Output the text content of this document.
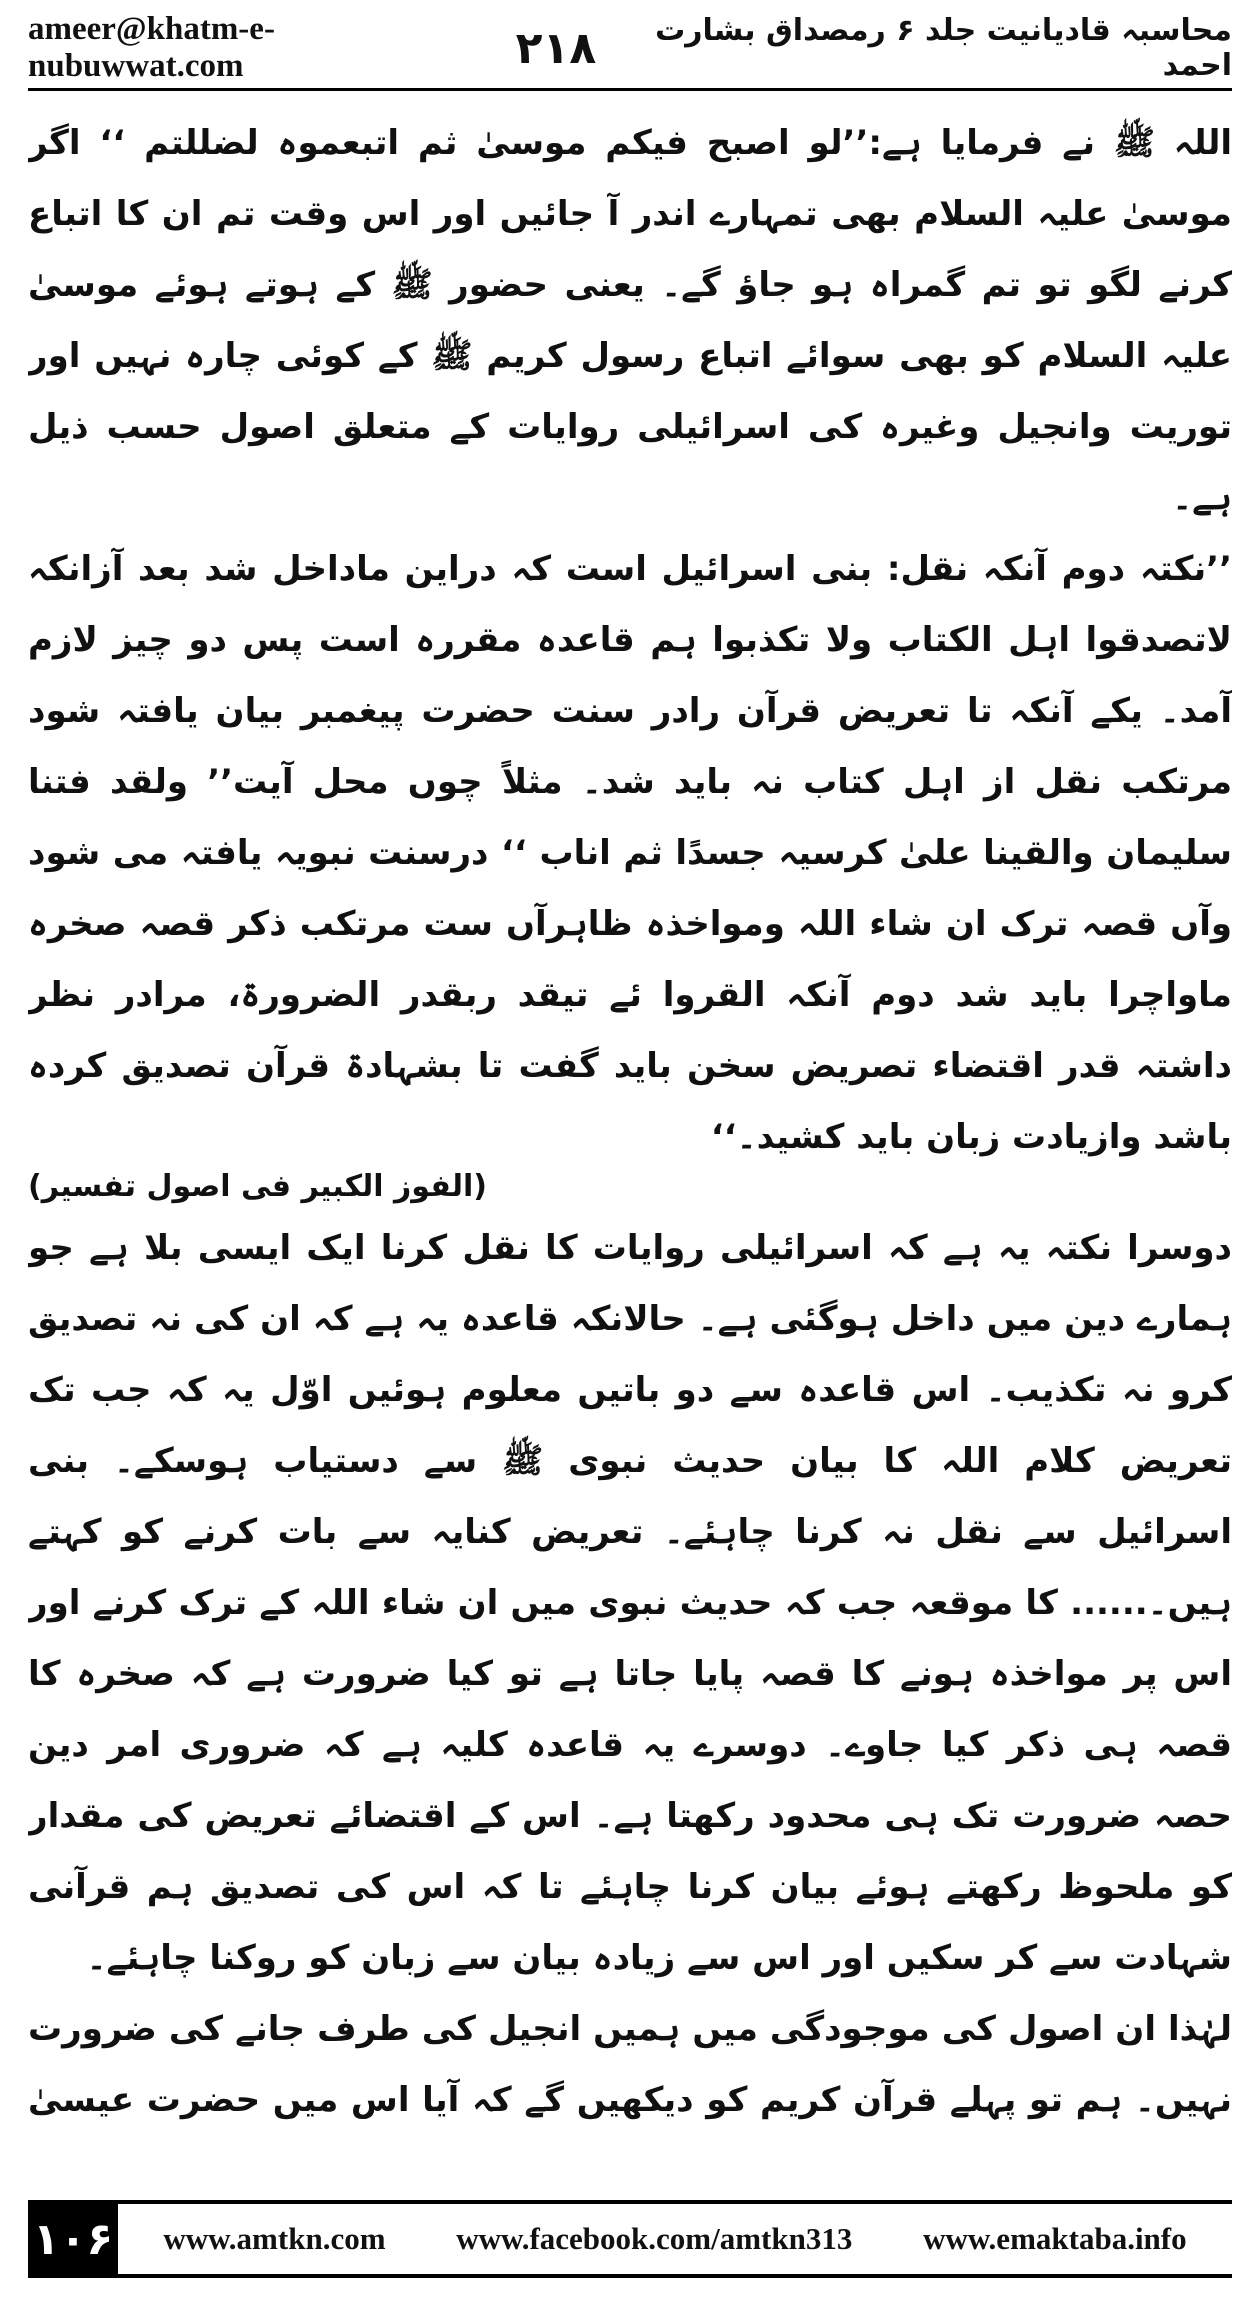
ameer@khatm-e-nubuwwat.com	۲۱۸	محاسبہ قادیانیت جلد ۶ رمصداق بشارت احمد

اللہ ﷺ نے فرمایا ہے:’’لو اصبح فیکم موسیٰ ثم اتبعموہ لضللتم ‘‘ اگر موسیٰ علیہ السلام بھی تمہارے اندر آ جائیں اور اس وقت تم ان کا اتباع کرنے لگو تو تم گمراہ ہو جاؤ گے۔ یعنی حضور ﷺ کے ہوتے ہوئے موسیٰ علیہ السلام کو بھی سوائے اتباع رسول کریم ﷺ کے کوئی چارہ نہیں اور توریت وانجیل وغیرہ کی اسرائیلی روایات کے متعلق اصول حسب ذیل ہے۔

’’نکتہ دوم آنکہ نقل: بنی اسرائیل است کہ دراین ماداخل شد بعد آزانکہ لاتصدقوا اہل الکتاب ولا تکذبوا ہم قاعدہ مقررہ است پس دو چیز لازم آمد۔ یکے آنکہ تا تعریض قرآن رادر سنت حضرت پیغمبر بیان یافتہ شود مرتکب نقل از اہل کتاب نہ باید شد۔ مثلاً چوں محل آیت’’ ولقد فتنا سلیمان والقینا علیٰ کرسیہ جسدًا ثم اناب ‘‘ درسنت نبویہ یافتہ می شود وآں قصہ ترک ان شاء اللہ ومواخذہ ظاہرآں ست مرتکب ذکر قصہ صخرہ ماواچرا باید شد دوم آنکہ القروا ئے تیقد ربقدر الضرورۃ، مرادر نظر داشتہ قدر اقتضاء تصریض سخن باید گفت تا بشہادۃ قرآن تصدیق کردہ باشد وازیادت زبان باید کشید۔‘‘

(الفوز الکبیر فی اصول تفسیر)

دوسرا نکتہ یہ ہے کہ اسرائیلی روایات کا نقل کرنا ایک ایسی بلا ہے جو ہمارے دین میں داخل ہوگئی ہے۔ حالانکہ قاعدہ یہ ہے کہ ان کی نہ تصدیق کرو نہ تکذیب۔ اس قاعدہ سے دو باتیں معلوم ہوئیں اوّل یہ کہ جب تک تعریض کلام اللہ کا بیان حدیث نبوی ﷺ سے دستیاب ہوسکے۔ بنی اسرائیل سے نقل نہ کرنا چاہئے۔ تعریض کنایہ سے بات کرنے کو کہتے ہیں۔...... کا موقعہ جب کہ حدیث نبوی میں ان شاء اللہ کے ترک کرنے اور اس پر مواخذہ ہونے کا قصہ پایا جاتا ہے تو کیا ضرورت ہے کہ صخرہ کا قصہ ہی ذکر کیا جاوے۔ دوسرے یہ قاعدہ کلیہ ہے کہ ضروری امر دین حصہ ضرورت تک ہی محدود رکھتا ہے۔ اس کے اقتضائے تعریض کی مقدار کو ملحوظ رکھتے ہوئے بیان کرنا چاہئے تا کہ اس کی تصدیق ہم قرآنی شہادت سے کر سکیں اور اس سے زیادہ بیان سے زبان کو روکنا چاہئے۔

لہٰذا ان اصول کی موجودگی میں ہمیں انجیل کی طرف جانے کی ضرورت نہیں۔ ہم تو پہلے قرآن کریم کو دیکھیں گے کہ آیا اس میں حضرت عیسیٰ

۱۰۶ www.amtkn.com www.facebook.com/amtkn313 www.emaktaba.info
